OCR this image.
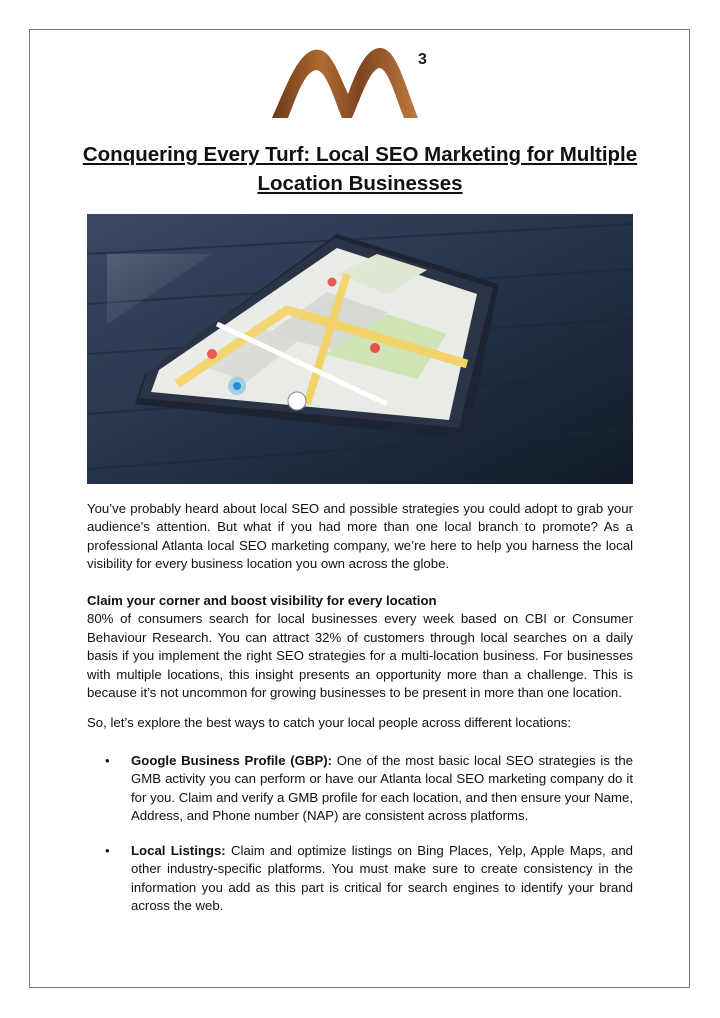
3
Conquering Every Turf: Local SEO Marketing for Multiple Location Businesses

You’ve probably heard about local SEO and possible strategies you could adopt to grab your audience’s attention. But what if you had more than one local branch to promote? As a professional Atlanta local SEO marketing company, we’re here to help you harness the local visibility for every business location you own across the globe.

Claim your corner and boost visibility for every location
80% of consumers search for local businesses every week based on CBI or Consumer Behaviour Research. You can attract 32% of customers through local searches on a daily basis if you implement the right SEO strategies for a multi-location business. For businesses with multiple locations, this insight presents an opportunity more than a challenge. This is because it’s not uncommon for growing businesses to be present in more than one location.

So, let’s explore the best ways to catch your local people across different locations:

• Google Business Profile (GBP): One of the most basic local SEO strategies is the GMB activity you can perform or have our Atlanta local SEO marketing company do it for you. Claim and verify a GMB profile for each location, and then ensure your Name, Address, and Phone number (NAP) are consistent across platforms.

• Local Listings: Claim and optimize listings on Bing Places, Yelp, Apple Maps, and other industry-specific platforms. You must make sure to create consistency in the information you add as this part is critical for search engines to identify your brand across the web.
